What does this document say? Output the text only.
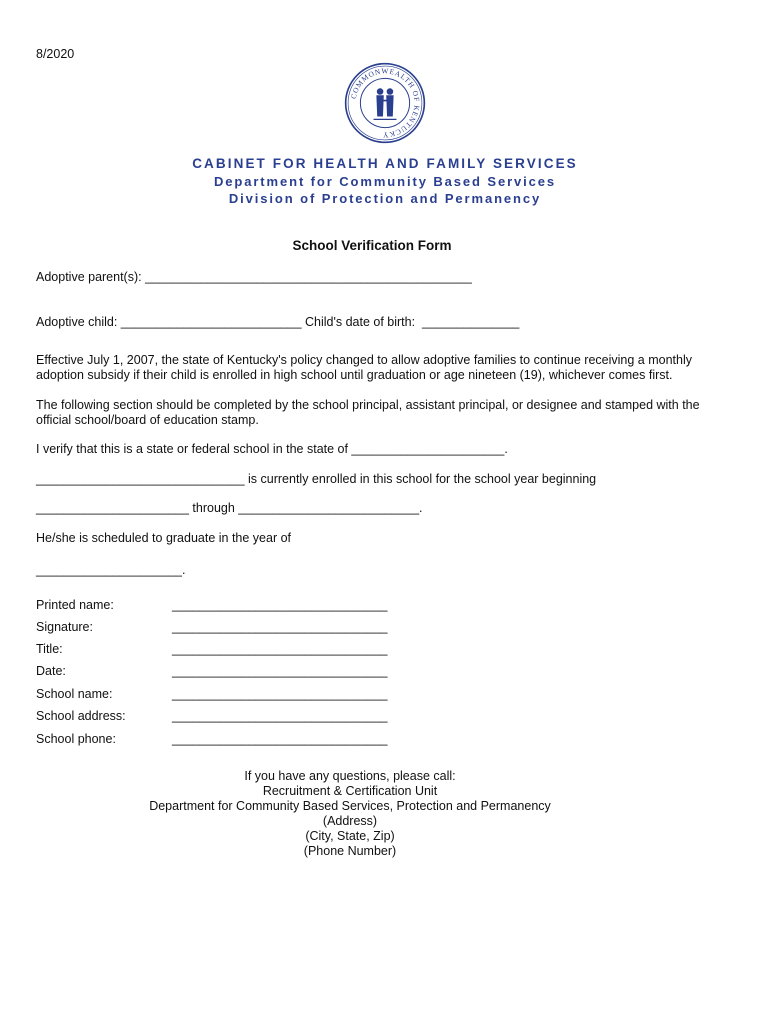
8/2020
COMMONWEALTH OF KENTUCKY
CABINET FOR HEALTH AND FAMILY SERVICES
Department for Community Based Services
Division of Protection and Permanency
School Verification Form
Adoptive parent(s): _______________________________________________
Adoptive child: __________________________ Child's date of birth:  ______________
Effective July 1, 2007, the state of Kentucky's policy changed to allow adoptive families to continue receiving a monthly adoption subsidy if their child is enrolled in high school until graduation or age nineteen (19), whichever comes first.
The following section should be completed by the school principal, assistant principal, or designee and stamped with the official school/board of education stamp.
I verify that this is a state or federal school in the state of ______________________.
______________________________ is currently enrolled in this school for the school year beginning
______________________ through __________________________.
He/she is scheduled to graduate in the year of
_____________________.
Printed name:	_______________________________
Signature:	_______________________________
Title:	_______________________________
Date:	_______________________________
School name:	_______________________________
School address:	_______________________________
School phone:	_______________________________
If you have any questions, please call:
Recruitment & Certification Unit
Department for Community Based Services, Protection and Permanency
(Address)
(City, State, Zip)
(Phone Number)
